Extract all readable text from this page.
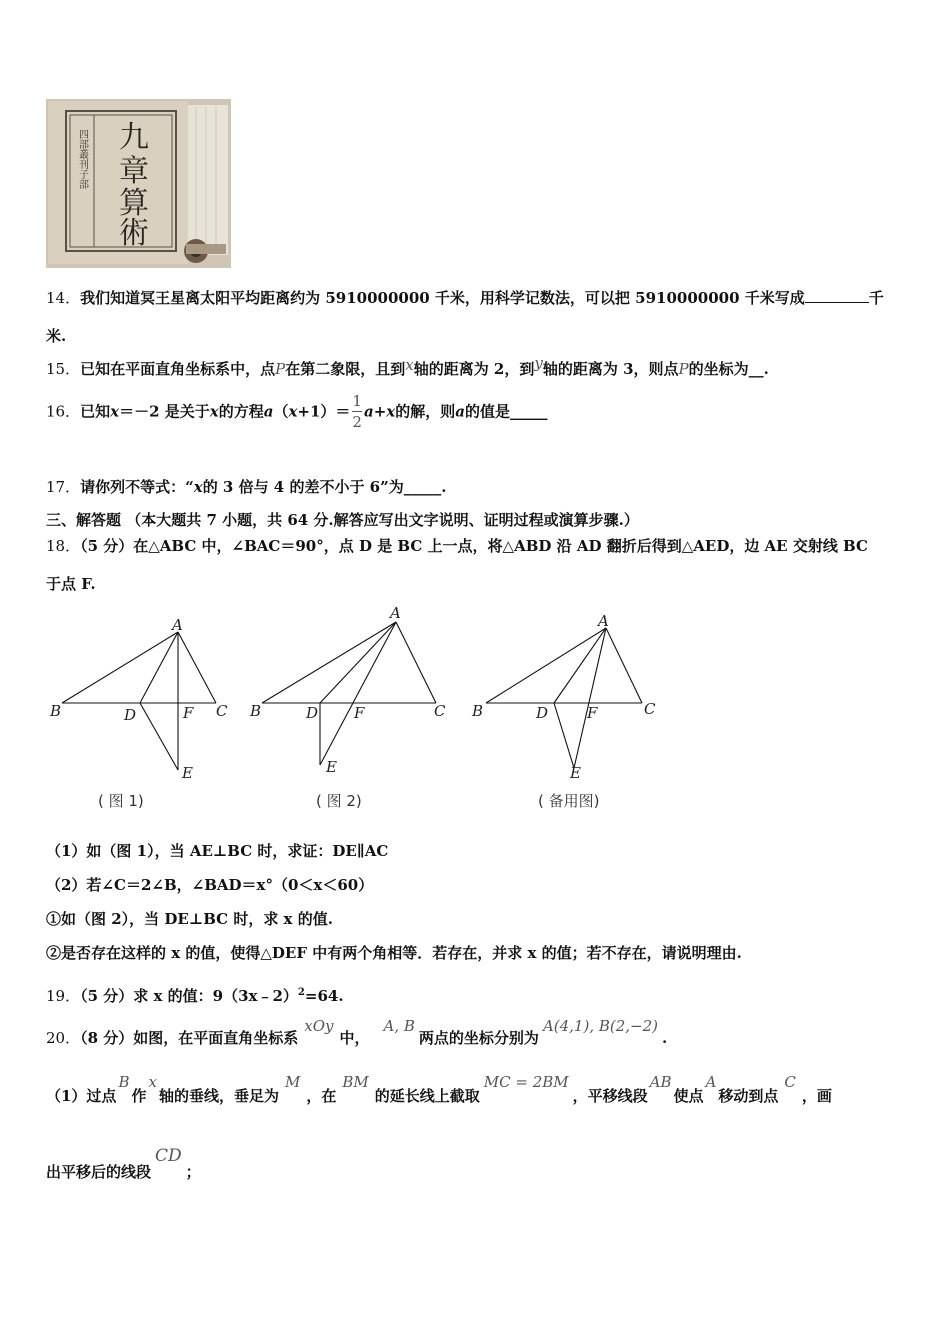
九
章
算
術
四部叢刊子部
14．我们知道冥王星离太阳平均距离约为 5910000000 千米，用科学记数法，可以把 5910000000 千米写成	千
米.
15．已知在平面直角坐标系中，点P在第二象限，且到x轴的距离为 2，到y轴的距离为 3，则点P的坐标为__.
16．已知x＝－2 是关于x的方程$a(x+1)= \frac{1}{2} a+x$的解，则a的值是_____
17．请你列不等式：“x的 3 倍与 4 的差不小于 6”为_____.
三、解答题 （本大题共 7 小题，共 64 分.解答应写出文字说明、证明过程或演算步骤.）
18．（5 分）在△ABC 中，∠BAC＝90°，点 D 是 BC 上一点，将△ABD 沿 AD 翻折后得到△AED，边 AE 交射线 BC
于点 F.
A
B	C
D
E
F
( 图 1)
A
B	C
D
E
F
( 图 2)
A
B	C
D
E
F
( 备用图)
（1）如（图 1），当 AE⊥BC 时，求证：DE∥AC
（2）若∠C＝2∠B，∠BAD＝x°（0＜x＜60）
①如（图 2），当 DE⊥BC 时，求 x 的值.
②是否存在这样的 x 的值，使得△DEF 中有两个角相等．若存在，并求 x 的值；若不存在，请说明理由.
19．（5 分）求 x 的值：9（3x﹣2）$^2$=64.
20．（8 分）如图，在平面直角坐标系xOy中，A, B两点的坐标分别为A(4,1), B(2,−2).
（1）过点B作x轴的垂线，垂足为M，在BM的延长线上截取MC = 2BM，平移线段AB使点A移动到点C，画
出平移后的线段CD；
